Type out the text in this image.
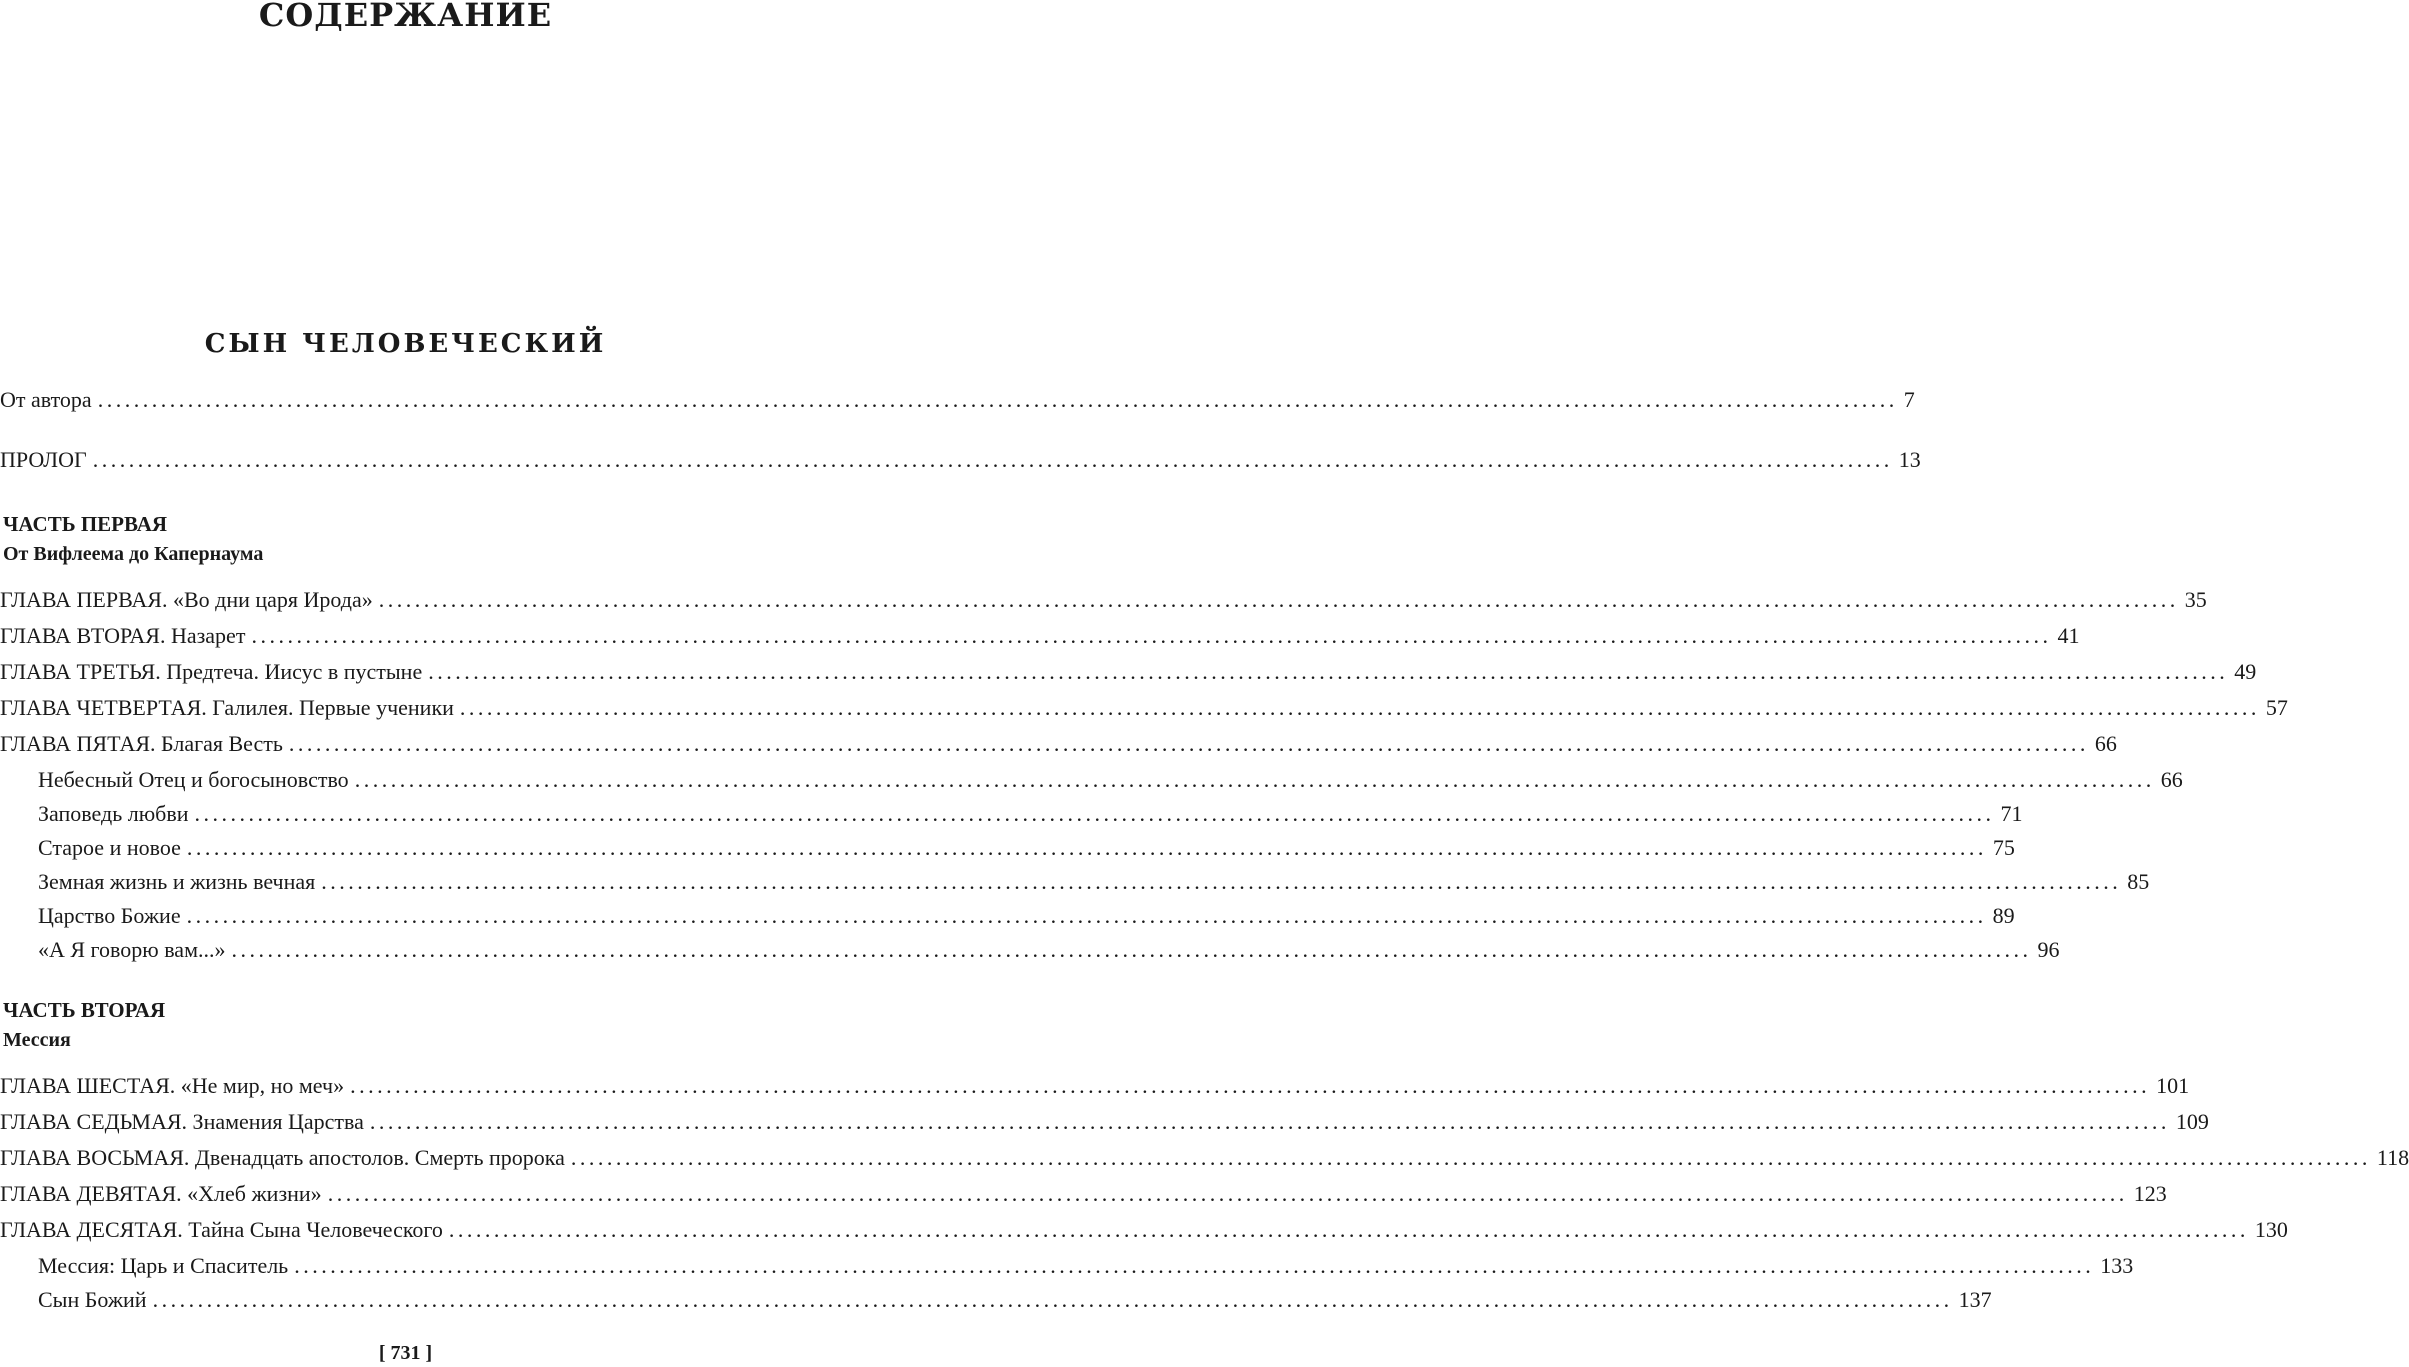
СОДЕРЖАНИЕ
СЫН ЧЕЛОВЕЧЕСКИЙ
От автора ........................................................................................................................................................................................................ 7
ПРОЛОГ ........................................................................................................................................................................................................ 13
ЧАСТЬ ПЕРВАЯ
От Вифлеема до Капернаума
ГЛАВА ПЕРВАЯ. «Во дни царя Ирода» ........................................................................................................................................................................................................ 35
ГЛАВА ВТОРАЯ. Назарет ........................................................................................................................................................................................................ 41
ГЛАВА ТРЕТЬЯ. Предтеча. Иисус в пустыне ........................................................................................................................................................................................................ 49
ГЛАВА ЧЕТВЕРТАЯ. Галилея. Первые ученики ........................................................................................................................................................................................................ 57
ГЛАВА ПЯТАЯ. Благая Весть ........................................................................................................................................................................................................ 66
Небесный Отец и богосыновство ........................................................................................................................................................................................................ 66
Заповедь любви ........................................................................................................................................................................................................ 71
Старое и новое ........................................................................................................................................................................................................ 75
Земная жизнь и жизнь вечная ........................................................................................................................................................................................................ 85
Царство Божие ........................................................................................................................................................................................................ 89
«А Я говорю вам...» ........................................................................................................................................................................................................ 96
ЧАСТЬ ВТОРАЯ
Мессия
ГЛАВА ШЕСТАЯ. «Не мир, но меч» ........................................................................................................................................................................................................ 101
ГЛАВА СЕДЬМАЯ. Знамения Царства ........................................................................................................................................................................................................ 109
ГЛАВА ВОСЬМАЯ. Двенадцать апостолов. Смерть пророка ........................................................................................................................................................................................................ 118
ГЛАВА ДЕВЯТАЯ. «Хлеб жизни» ........................................................................................................................................................................................................ 123
ГЛАВА ДЕСЯТАЯ. Тайна Сына Человеческого ........................................................................................................................................................................................................ 130
Мессия: Царь и Спаситель ........................................................................................................................................................................................................ 133
Сын Божий ........................................................................................................................................................................................................ 137
[ 731 ]
